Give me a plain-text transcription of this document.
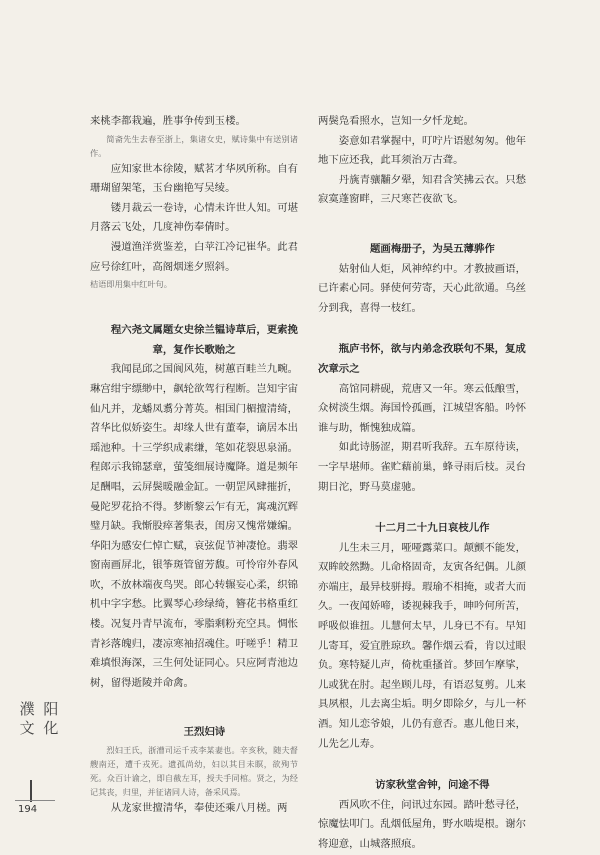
来桃李都栽遍，胜事争传到玉楼。

简斋先生去春至浙上，集诸女史，赋诗集中有送别诸作。

应知家世本徐陵，赋茗才华夙所称。自有珊瑚留架笔，玉台幽艳写吴绫。

镂月裁云一卷诗，心情未许世人知。可堪月落云飞处，几度神伤奉倩时。

漫道渔洋赏鉴差，白苹江冷记崔华。此君应号徐红叶，高阁烟迷夕照斜。

桔语即用集中红叶句。

程六尧文属题女史徐兰韫诗草后，更索挽章，复作长歌贻之

我闻昆邱之国阆风苑，树蕙百畦兰九畹。琳宫绀宇缥缈中，飙轮欲驾行程断。岂知宇宙仙凡并，龙蟠凤翥分菁英。相国门楣擅清绮，苕华比似娇姿生。却缘人世有董奉，谪居本出瑶池种。十三学织成素缣，笔如花裂思泉涌。程郎示我锦瑟章，萤笺细展诗魔降。道是频年足酬唱，云屏鬓暖融金缸。一朝罡风肆摧折，曼陀罗花拾不得。梦断黎云乍有无，寓魂沉辉璧月缺。我惭股瘁著集表，闺房又愧常嫌编。华阳为感安仁悼亡赋，哀弦促节神凄怆。翡翠窗南画屏北，银筝斑管留芳馥。可怜帘外春风吹，不放林端夜鸟哭。郎心转辗妄心柔，织锦机中字字愁。比翼琴心珍绿绮，簪花书格重红楼。况复丹青早流布，零脂剩粉充空具。惆怅青衫落魄归，凄凉寒袖招魂住。吁嗟乎！精卫难填恨海深，三生何处证同心。只应阿青池边树，留得逝陵并命禽。

王烈妇诗

烈妇王氏，浙漕司运千戎李某妻也。辛亥秋，随夫督艘南还，遭千戎死。遗孤尚幼，妇以其目未瞑，欲殉节死。众百计谕之，即自截左耳，授夫手同棺。贤之，为经记其丧，归里，并征诸同人诗，备采风焉。

从龙家世擅清华，奉使还乘八月槎。两

两鬓凫看照水，岂知一夕忏龙蛇。

姿意如君掌握中，叮咛片语慰匆匆。他年地下应还我，此耳须治万古聋。

丹旐青骧黼夕翚，知君含笑拂云衣。只愁寂寞蓬窗畔，三尺寒芒夜欲飞。

题画梅册子，为吴五薄骅作

姑射仙人炬，风神绰约中。才教披画语，已许素心同。驿使何劳寄，天心此欲通。乌丝分到我，喜得一枝红。

瓶庐书怀，欲与内弟念孜联句不果，复成次章示之

高馆同耕砚，荒唐又一年。寒云低酿雪，众树淡生烟。海国怜孤画，江城望客船。吟怀谁与助，惭愧独成篇。

如此诗肠涩，期君听我辞。五车原待读，一字早堪师。雀贮藉前巢，蜂寻雨后枝。灵台期日沱，野马莫虚驰。

十二月二十九日哀枝儿作

儿生未三月，哑哑露菜口。颠颤不能发，双眸皎然黝。儿命格固奇，友寅各纪偶。儿颜亦端庄，最异枝骈拇。瑕瑜不相掩，或者大而久。一夜闻娇啼，诿视棘我手，呻吟何所苦，呼吸似谁扭。儿慧何太早，儿身已不有。早知儿寄耳，爱宜胜琼玖。馨作烟云看，肯以过眼负。寒特疑儿声，倚枕重搔首。梦回乍摩挲，儿或犹在肘。起坐顾儿母，有语忍复剪。儿来具夙根，儿去离尘垢。明夕即除夕，与儿一杯酒。知儿恋爷娘，儿仍有意否。惠儿他日来，儿先乞儿寿。

访家秋堂舍钟，问途不得

西风吹不住，问讯过东园。踏叶愁寻径，惊魔怯叩门。乱烟低屋角，野水啮堤根。谢尔将迎意，山城落照痕。

濮 阳 文 化
194
